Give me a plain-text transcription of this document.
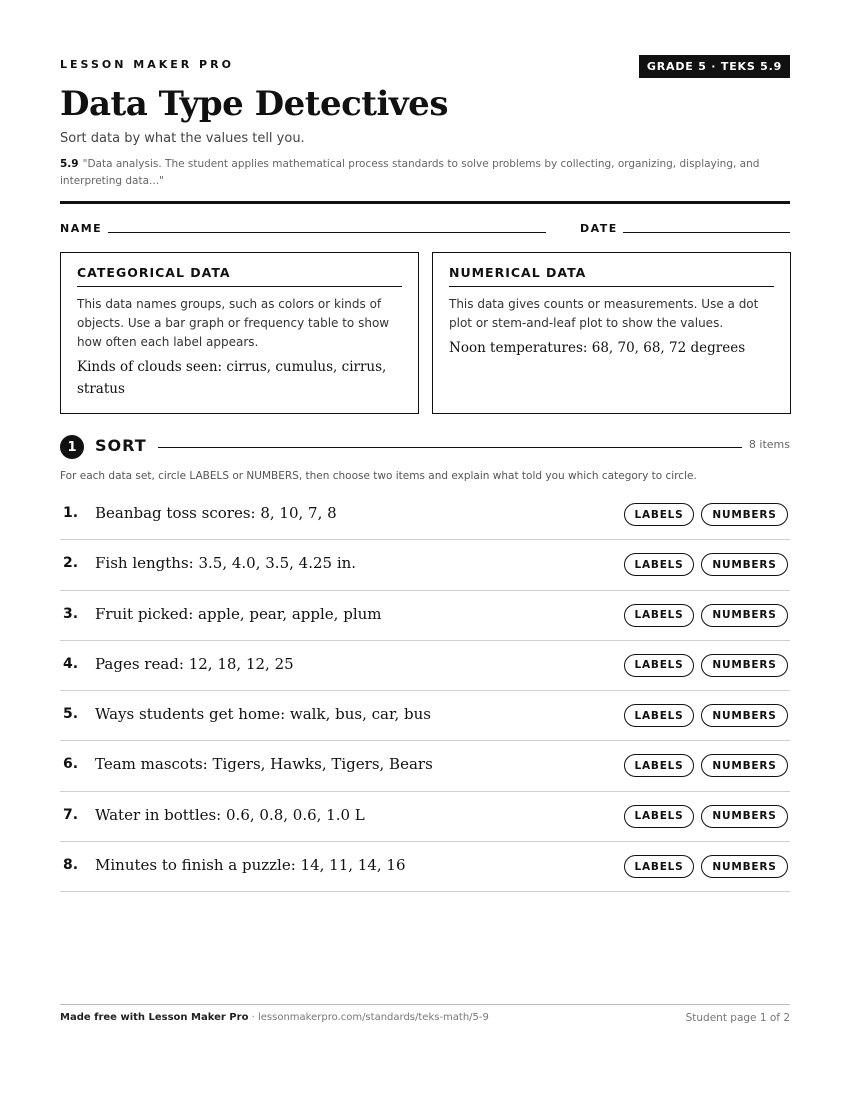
LESSON MAKER PRO	GRADE 5 · TEKS 5.9
Data Type Detectives
Sort data by what the values tell you.
5.9 "Data analysis. The student applies mathematical process standards to solve problems by collecting, organizing, displaying, and interpreting data..."
NAME	DATE
CATEGORICAL DATA
This data names groups, such as colors or kinds of objects. Use a bar graph or frequency table to show how often each label appears.
Kinds of clouds seen: cirrus, cumulus, cirrus, stratus
NUMERICAL DATA
This data gives counts or measurements. Use a dot plot or stem-and-leaf plot to show the values.
Noon temperatures: 68, 70, 68, 72 degrees
1	SORT	8 items
For each data set, circle LABELS or NUMBERS, then choose two items and explain what told you which category to circle.
1. Beanbag toss scores: 8, 10, 7, 8	LABELS	NUMBERS
2. Fish lengths: 3.5, 4.0, 3.5, 4.25 in.	LABELS	NUMBERS
3. Fruit picked: apple, pear, apple, plum	LABELS	NUMBERS
4. Pages read: 12, 18, 12, 25	LABELS	NUMBERS
5. Ways students get home: walk, bus, car, bus	LABELS	NUMBERS
6. Team mascots: Tigers, Hawks, Tigers, Bears	LABELS	NUMBERS
7. Water in bottles: 0.6, 0.8, 0.6, 1.0 L	LABELS	NUMBERS
8. Minutes to finish a puzzle: 14, 11, 14, 16	LABELS	NUMBERS
Made free with Lesson Maker Pro · lessonmakerpro.com/standards/teks-math/5-9	Student page 1 of 2
